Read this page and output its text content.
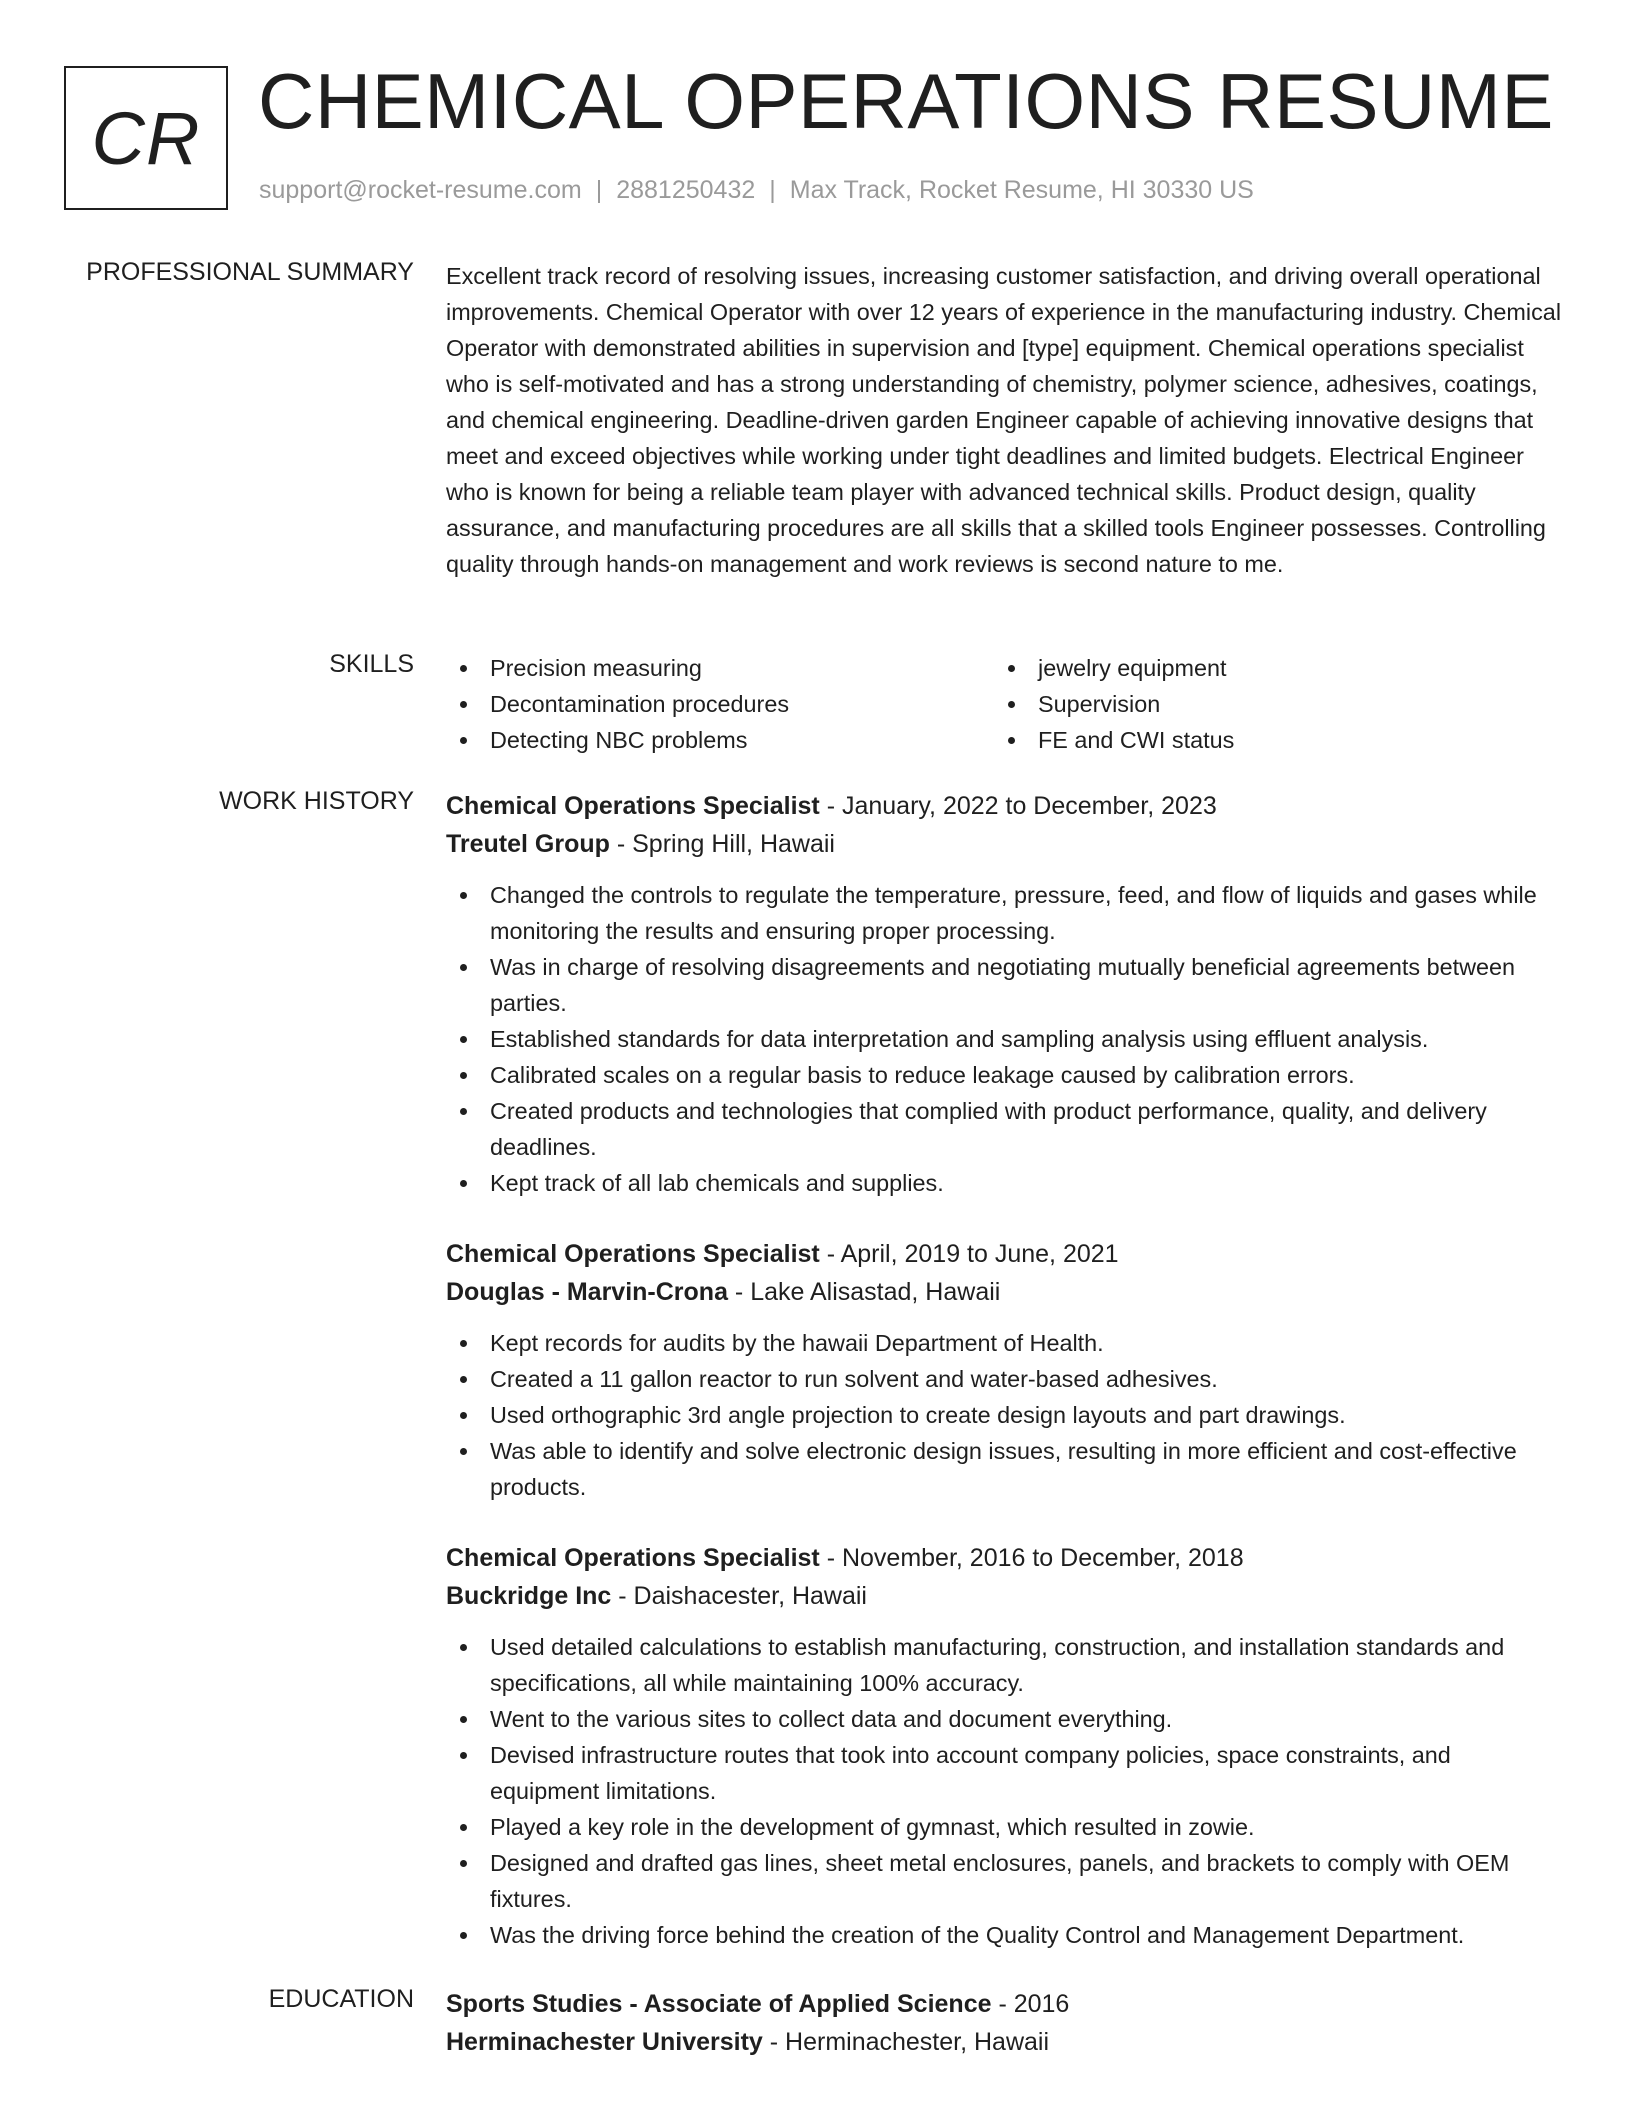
CR CHEMICAL OPERATIONS RESUME
support@rocket-resume.com | 2881250432 | Max Track, Rocket Resume, HI 30330 US
PROFESSIONAL SUMMARY Excellent track record of resolving issues, increasing customer satisfaction, and driving overall operational improvements. Chemical Operator with over 12 years of experience in the manufacturing industry. Chemical Operator with demonstrated abilities in supervision and [type] equipment. Chemical operations specialist who is self-motivated and has a strong understanding of chemistry, polymer science, adhesives, coatings, and chemical engineering. Deadline-driven garden Engineer capable of achieving innovative designs that meet and exceed objectives while working under tight deadlines and limited budgets. Electrical Engineer who is known for being a reliable team player with advanced technical skills. Product design, quality assurance, and manufacturing procedures are all skills that a skilled tools Engineer possesses. Controlling quality through hands-on management and work reviews is second nature to me.

SKILLS	Precision measuring
Decontamination procedures
Detecting NBC problems
jewelry equipment
Supervision
FE and CWI status
WORK HISTORY Chemical Operations Specialist - January, 2022 to December, 2023
Treutel Group - Spring Hill, Hawaii
Changed the controls to regulate the temperature, pressure, feed, and flow of liquids and gases while monitoring the results and ensuring proper processing.
Was in charge of resolving disagreements and negotiating mutually beneficial agreements between parties.
Established standards for data interpretation and sampling analysis using effluent analysis.
Calibrated scales on a regular basis to reduce leakage caused by calibration errors.
Created products and technologies that complied with product performance, quality, and delivery deadlines.
Kept track of all lab chemicals and supplies.
Chemical Operations Specialist - April, 2019 to June, 2021
Douglas - Marvin-Crona - Lake Alisastad, Hawaii
Kept records for audits by the hawaii Department of Health.
Created a 11 gallon reactor to run solvent and water-based adhesives.
Used orthographic 3rd angle projection to create design layouts and part drawings.
Was able to identify and solve electronic design issues, resulting in more efficient and cost-effective products.
Chemical Operations Specialist - November, 2016 to December, 2018
Buckridge Inc - Daishacester, Hawaii
Used detailed calculations to establish manufacturing, construction, and installation standards and specifications, all while maintaining 100% accuracy.
Went to the various sites to collect data and document everything.
Devised infrastructure routes that took into account company policies, space constraints, and equipment limitations.
Played a key role in the development of gymnast, which resulted in zowie.
Designed and drafted gas lines, sheet metal enclosures, panels, and brackets to comply with OEM fixtures.
Was the driving force behind the creation of the Quality Control and Management Department.
EDUCATION Sports Studies - Associate of Applied Science - 2016
Herminachester University - Herminachester, Hawaii
